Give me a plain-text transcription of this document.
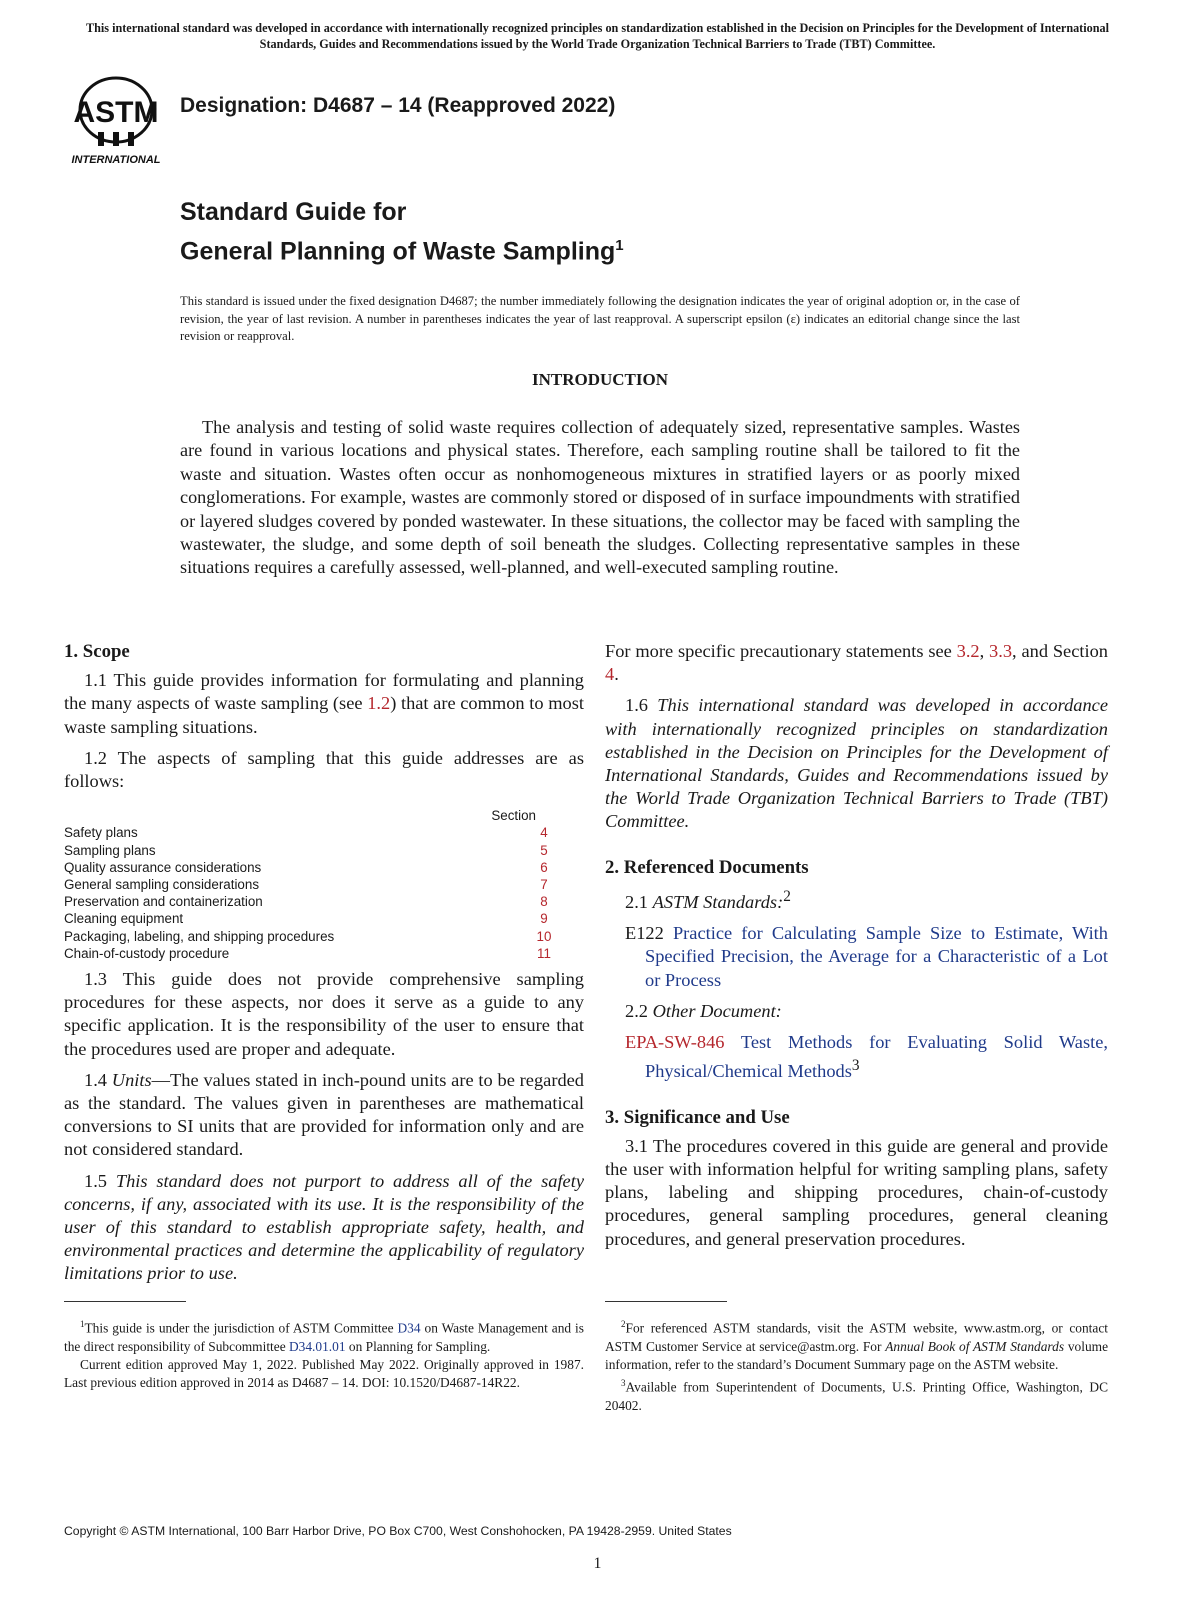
This international standard was developed in accordance with internationally recognized principles on standardization established in the Decision on Principles for the Development of International Standards, Guides and Recommendations issued by the World Trade Organization Technical Barriers to Trade (TBT) Committee.
ASTM
INTERNATIONAL
Designation: D4687 – 14 (Reapproved 2022)
Standard Guide for
General Planning of Waste Sampling$^1$
This standard is issued under the fixed designation D4687; the number immediately following the designation indicates the year of original adoption or, in the case of revision, the year of last revision. A number in parentheses indicates the year of last reapproval. A superscript epsilon (ε) indicates an editorial change since the last revision or reapproval.
INTRODUCTION
The analysis and testing of solid waste requires collection of adequately sized, representative samples. Wastes are found in various locations and physical states. Therefore, each sampling routine shall be tailored to fit the waste and situation. Wastes often occur as nonhomogeneous mixtures in stratified layers or as poorly mixed conglomerations. For example, wastes are commonly stored or disposed of in surface impoundments with stratified or layered sludges covered by ponded wastewater. In these situations, the collector may be faced with sampling the wastewater, the sludge, and some depth of soil beneath the sludges. Collecting representative samples in these situations requires a carefully assessed, well-planned, and well-executed sampling routine.
1. Scope

1.1 This guide provides information for formulating and planning the many aspects of waste sampling (see 1.2) that are common to most waste sampling situations.

1.2 The aspects of sampling that this guide addresses are as follows:

Section
Safety plans	4
Sampling plans	5
Quality assurance considerations	6
General sampling considerations	7
Preservation and containerization	8
Cleaning equipment	9
Packaging, labeling, and shipping procedures	10
Chain-of-custody procedure	11

1.3 This guide does not provide comprehensive sampling procedures for these aspects, nor does it serve as a guide to any specific application. It is the responsibility of the user to ensure that the procedures used are proper and adequate.

1.4 Units—The values stated in inch-pound units are to be regarded as the standard. The values given in parentheses are mathematical conversions to SI units that are provided for information only and are not considered standard.

1.5 This standard does not purport to address all of the safety concerns, if any, associated with its use. It is the responsibility of the user of this standard to establish appropriate safety, health, and environmental practices and determine the applicability of regulatory limitations prior to use.

For more specific precautionary statements see 3.2, 3.3, and Section 4.

1.6 This international standard was developed in accordance with internationally recognized principles on standardization established in the Decision on Principles for the Development of International Standards, Guides and Recommendations issued by the World Trade Organization Technical Barriers to Trade (TBT) Committee.

2. Referenced Documents

2.1 ASTM Standards:$^2$

E122 Practice for Calculating Sample Size to Estimate, With Specified Precision, the Average for a Characteristic of a Lot or Process

2.2 Other Document:

EPA-SW-846 Test Methods for Evaluating Solid Waste, Physical/Chemical Methods$^3$

3. Significance and Use

3.1 The procedures covered in this guide are general and provide the user with information helpful for writing sampling plans, safety plans, labeling and shipping procedures, chain-of-custody procedures, general sampling procedures, general cleaning procedures, and general preservation procedures.

$^1$This guide is under the jurisdiction of ASTM Committee D34 on Waste Management and is the direct responsibility of Subcommittee D34.01.01 on Planning for Sampling.

Current edition approved May 1, 2022. Published May 2022. Originally approved in 1987. Last previous edition approved in 2014 as D4687 – 14. DOI: 10.1520/D4687-14R22.

$^2$For referenced ASTM standards, visit the ASTM website, www.astm.org, or contact ASTM Customer Service at service@astm.org. For Annual Book of ASTM Standards volume information, refer to the standard’s Document Summary page on the ASTM website.

$^3$Available from Superintendent of Documents, U.S. Printing Office, Washington, DC 20402.

Copyright © ASTM International, 100 Barr Harbor Drive, PO Box C700, West Conshohocken, PA 19428-2959. United States
1
